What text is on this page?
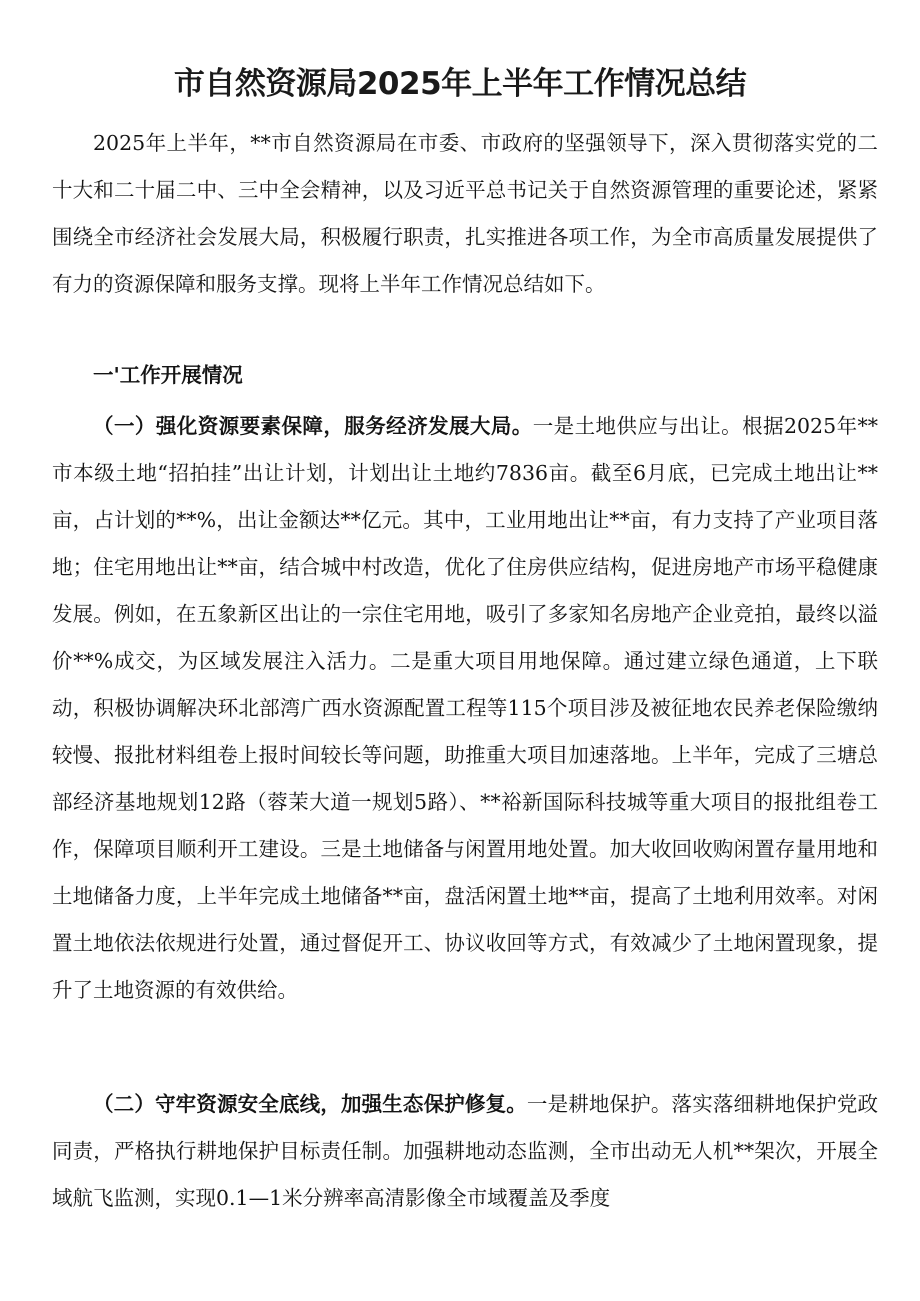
市自然资源局2025年上半年工作情况总结

2025年上半年，**市自然资源局在市委、市政府的坚强领导下，深入贯彻落实党的二十大和二十届二中、三中全会精神，以及习近平总书记关于自然资源管理的重要论述，紧紧围绕全市经济社会发展大局，积极履行职责，扎实推进各项工作，为全市高质量发展提供了有力的资源保障和服务支撑。现将上半年工作情况总结如下。

一'工作开展情况

（一）强化资源要素保障，服务经济发展大局。一是土地供应与出让。根据2025年**市本级土地“招拍挂”出让计划，计划出让土地约7836亩。截至6月底，已完成土地出让**亩，占计划的**%，出让金额达**亿元。其中，工业用地出让**亩，有力支持了产业项目落地；住宅用地出让**亩，结合城中村改造，优化了住房供应结构，促进房地产市场平稳健康发展。例如，在五象新区出让的一宗住宅用地，吸引了多家知名房地产企业竞拍，最终以溢价**%成交，为区域发展注入活力。二是重大项目用地保障。通过建立绿色通道，上下联动，积极协调解决环北部湾广西水资源配置工程等115个项目涉及被征地农民养老保险缴纳较慢、报批材料组卷上报时间较长等问题，助推重大项目加速落地。上半年，完成了三塘总部经济基地规划12路（蓉茉大道一规划5路）、**裕新国际科技城等重大项目的报批组卷工作，保障项目顺利开工建设。三是土地储备与闲置用地处置。加大收回收购闲置存量用地和土地储备力度，上半年完成土地储备**亩，盘活闲置土地**亩，提高了土地利用效率。对闲置土地依法依规进行处置，通过督促开工、协议收回等方式，有效减少了土地闲置现象，提升了土地资源的有效供给。

（二）守牢资源安全底线，加强生态保护修复。一是耕地保护。落实落细耕地保护党政同责，严格执行耕地保护目标责任制。加强耕地动态监测，全市出动无人机**架次，开展全域航飞监测，实现0.1—1米分辨率高清影像全市域覆盖及季度
